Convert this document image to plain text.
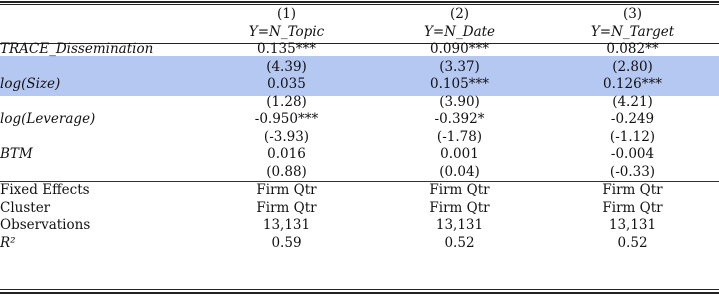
	(1)	(2)	(3)
	Y=N_Topic	Y=N_Date	Y=N_Target
TRACE_Dissemination	0.135***	0.090***	0.082**
	(4.39)	(3.37)	(2.80)
log(Size)	0.035	0.105***	0.126***
	(1.28)	(3.90)	(4.21)
log(Leverage)	-0.950***	-0.392*	-0.249
	(-3.93)	(-1.78)	(-1.12)
BTM	0.016	0.001	-0.004
	(0.88)	(0.04)	(-0.33)
Fixed Effects	Firm Qtr	Firm Qtr	Firm Qtr
Cluster	Firm Qtr	Firm Qtr	Firm Qtr
Observations	13,131	13,131	13,131
R²	0.59	0.52	0.52
